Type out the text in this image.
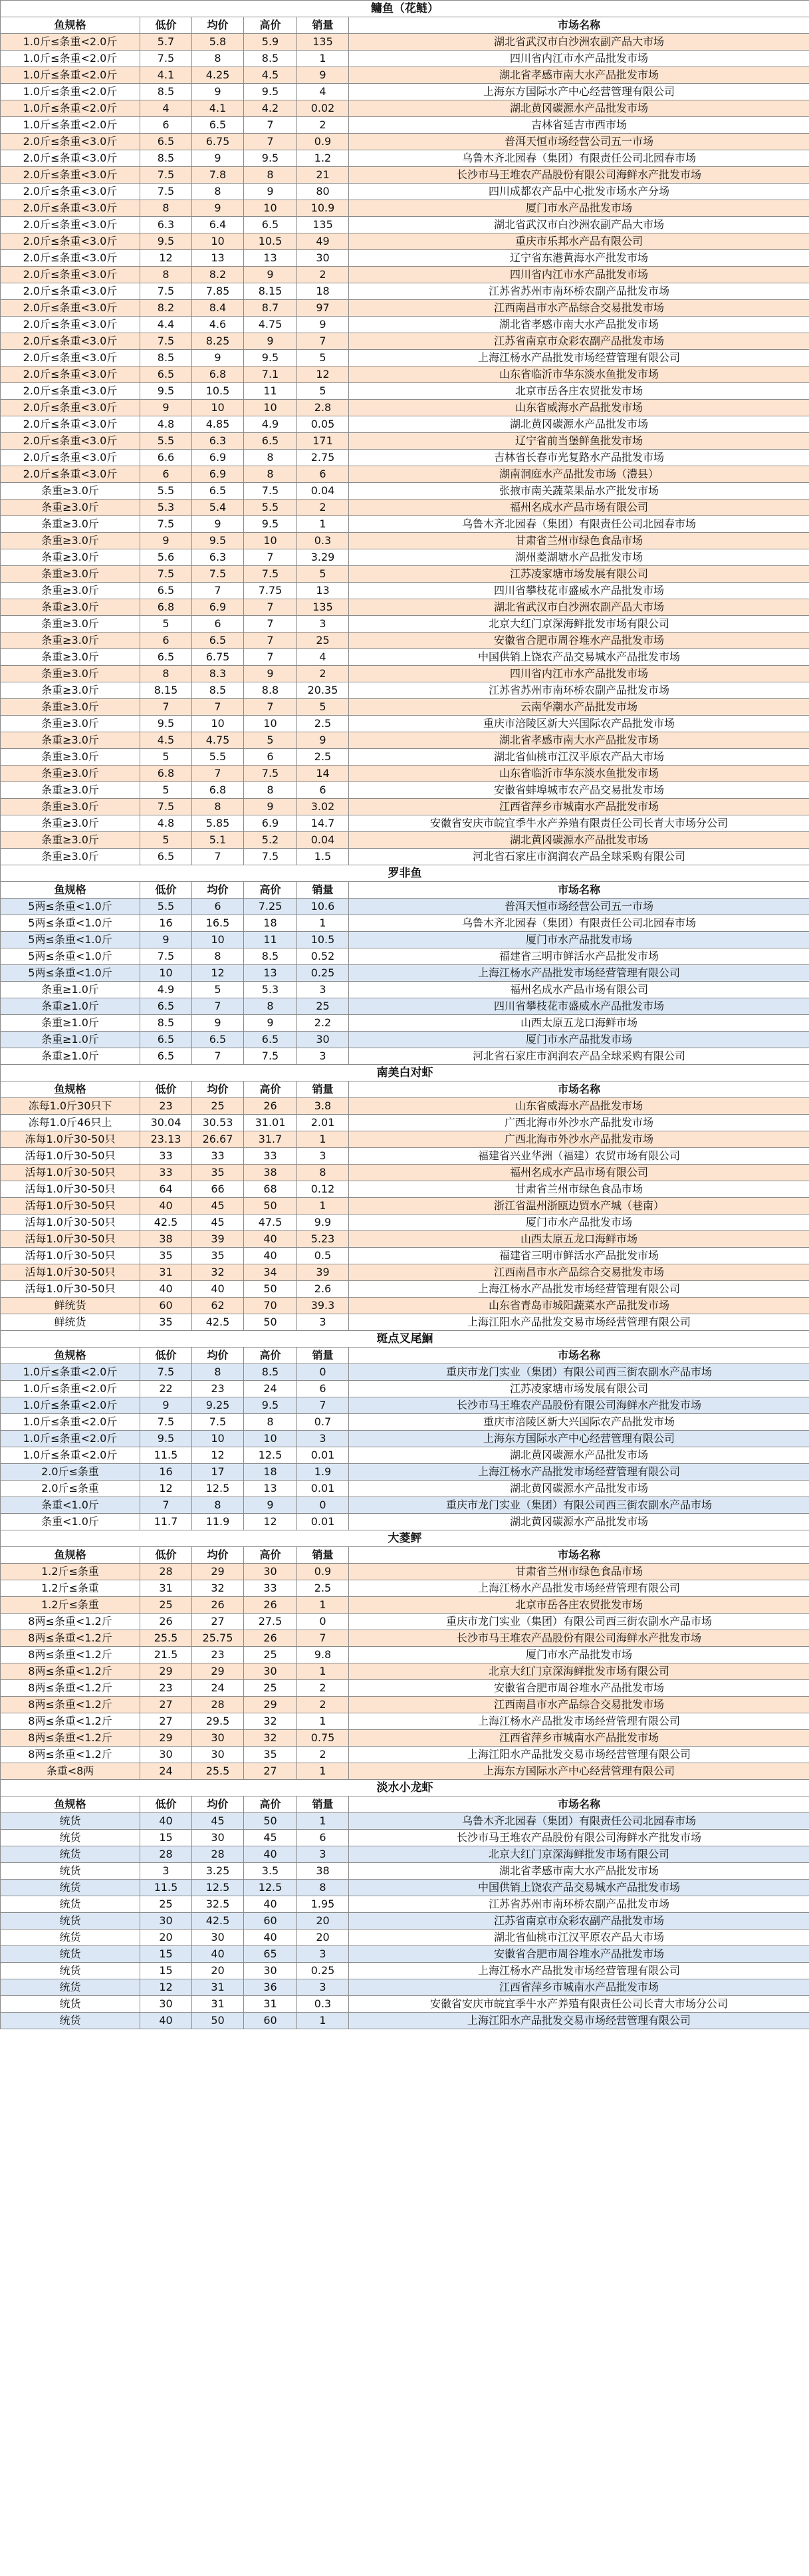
鳙鱼（花鲢）					
鱼规格	低价	均价	高价	销量	市场名称
1.0斤≤条重<2.0斤	5.7	5.8	5.9	135	湖北省武汉市白沙洲农副产品大市场
1.0斤≤条重<2.0斤	7.5	8	8.5	1	四川省内江市水产品批发市场
1.0斤≤条重<2.0斤	4.1	4.25	4.5	9	湖北省孝感市南大水产品批发市场
1.0斤≤条重<2.0斤	8.5	9	9.5	4	上海东方国际水产中心经营管理有限公司
1.0斤≤条重<2.0斤	4	4.1	4.2	0.02	湖北黄冈碳源水产品批发市场
1.0斤≤条重<2.0斤	6	6.5	7	2	吉林省延吉市西市场
2.0斤≤条重<3.0斤	6.5	6.75	7	0.9	普洱天恒市场经营公司五一市场
2.0斤≤条重<3.0斤	8.5	9	9.5	1.2	乌鲁木齐北园春（集团）有限责任公司北园春市场
2.0斤≤条重<3.0斤	7.5	7.8	8	21	长沙市马王堆农产品股份有限公司海鲜水产批发市场
2.0斤≤条重<3.0斤	7.5	8	9	80	四川成都农产品中心批发市场水产分场
2.0斤≤条重<3.0斤	8	9	10	10.9	厦门市水产品批发市场
2.0斤≤条重<3.0斤	6.3	6.4	6.5	135	湖北省武汉市白沙洲农副产品大市场
2.0斤≤条重<3.0斤	9.5	10	10.5	49	重庆市乐邦水产品有限公司
2.0斤≤条重<3.0斤	12	13	13	30	辽宁省东港黄海水产批发市场
2.0斤≤条重<3.0斤	8	8.2	9	2	四川省内江市水产品批发市场
2.0斤≤条重<3.0斤	7.5	7.85	8.15	18	江苏省苏州市南环桥农副产品批发市场
2.0斤≤条重<3.0斤	8.2	8.4	8.7	97	江西南昌市水产品综合交易批发市场
2.0斤≤条重<3.0斤	4.4	4.6	4.75	9	湖北省孝感市南大水产品批发市场
2.0斤≤条重<3.0斤	7.5	8.25	9	7	江苏省南京市众彩农副产品批发市场
2.0斤≤条重<3.0斤	8.5	9	9.5	5	上海江杨水产品批发市场经营管理有限公司
2.0斤≤条重<3.0斤	6.5	6.8	7.1	12	山东省临沂市华东淡水鱼批发市场
2.0斤≤条重<3.0斤	9.5	10.5	11	5	北京市岳各庄农贸批发市场
2.0斤≤条重<3.0斤	9	10	10	2.8	山东省威海水产品批发市场
2.0斤≤条重<3.0斤	4.8	4.85	4.9	0.05	湖北黄冈碳源水产品批发市场
2.0斤≤条重<3.0斤	5.5	6.3	6.5	171	辽宁省前当堡鲜鱼批发市场
2.0斤≤条重<3.0斤	6.6	6.9	8	2.75	吉林省长春市光复路水产品批发市场
2.0斤≤条重<3.0斤	6	6.9	8	6	湖南洞庭水产品批发市场（澧县）
条重≥3.0斤	5.5	6.5	7.5	0.04	张掖市南关蔬菜果品水产批发市场
条重≥3.0斤	5.3	5.4	5.5	2	福州名成水产品市场有限公司
条重≥3.0斤	7.5	9	9.5	1	乌鲁木齐北园春（集团）有限责任公司北园春市场
条重≥3.0斤	9	9.5	10	0.3	甘肃省兰州市绿色食品市场
条重≥3.0斤	5.6	6.3	7	3.29	湖州菱湖塘水产品批发市场
条重≥3.0斤	7.5	7.5	7.5	5	江苏凌家塘市场发展有限公司
条重≥3.0斤	6.5	7	7.75	13	四川省攀枝花市盛威水产品批发市场
条重≥3.0斤	6.8	6.9	7	135	湖北省武汉市白沙洲农副产品大市场
条重≥3.0斤	5	6	7	3	北京大红门京深海鲜批发市场有限公司
条重≥3.0斤	6	6.5	7	25	安徽省合肥市周谷堆水产品批发市场
条重≥3.0斤	6.5	6.75	7	4	中国供销上饶农产品交易城水产品批发市场
条重≥3.0斤	8	8.3	9	2	四川省内江市水产品批发市场
条重≥3.0斤	8.15	8.5	8.8	20.35	江苏省苏州市南环桥农副产品批发市场
条重≥3.0斤	7	7	7	5	云南华潮水产品批发市场
条重≥3.0斤	9.5	10	10	2.5	重庆市涪陵区新大兴国际农产品批发市场
条重≥3.0斤	4.5	4.75	5	9	湖北省孝感市南大水产品批发市场
条重≥3.0斤	5	5.5	6	2.5	湖北省仙桃市江汉平原农产品大市场
条重≥3.0斤	6.8	7	7.5	14	山东省临沂市华东淡水鱼批发市场
条重≥3.0斤	5	6.8	8	6	安徽省蚌埠城市农产品交易批发市场
条重≥3.0斤	7.5	8	9	3.02	江西省萍乡市城南水产品批发市场
条重≥3.0斤	4.8	5.85	6.9	14.7	安徽省安庆市皖宜季牛水产养殖有限责任公司长青大市场分公司
条重≥3.0斤	5	5.1	5.2	0.04	湖北黄冈碳源水产品批发市场
条重≥3.0斤	6.5	7	7.5	1.5	河北省石家庄市润润农产品全球采购有限公司
罗非鱼					
鱼规格	低价	均价	高价	销量	市场名称
5两≤条重<1.0斤	5.5	6	7.25	10.6	普洱天恒市场经营公司五一市场
5两≤条重<1.0斤	16	16.5	18	1	乌鲁木齐北园春（集团）有限责任公司北园春市场
5两≤条重<1.0斤	9	10	11	10.5	厦门市水产品批发市场
5两≤条重<1.0斤	7.5	8	8.5	0.52	福建省三明市鲜活水产品批发市场
5两≤条重<1.0斤	10	12	13	0.25	上海江杨水产品批发市场经营管理有限公司
条重≥1.0斤	4.9	5	5.3	3	福州名成水产品市场有限公司
条重≥1.0斤	6.5	7	8	25	四川省攀枝花市盛威水产品批发市场
条重≥1.0斤	8.5	9	9	2.2	山西太原五龙口海鲜市场
条重≥1.0斤	6.5	6.5	6.5	30	厦门市水产品批发市场
条重≥1.0斤	6.5	7	7.5	3	河北省石家庄市润润农产品全球采购有限公司
南美白对虾					
鱼规格	低价	均价	高价	销量	市场名称
冻每1.0斤30只下	23	25	26	3.8	山东省威海水产品批发市场
冻每1.0斤46只上	30.04	30.53	31.01	2.01	广西北海市外沙水产品批发市场
冻每1.0斤30-50只	23.13	26.67	31.7	1	广西北海市外沙水产品批发市场
活每1.0斤30-50只	33	33	33	3	福建省兴业华洲（福建）农贸市场有限公司
活每1.0斤30-50只	33	35	38	8	福州名成水产品市场有限公司
活每1.0斤30-50只	64	66	68	0.12	甘肃省兰州市绿色食品市场
活每1.0斤30-50只	40	45	50	1	浙江省温州浙瓯边贸水产城（巷南）
活每1.0斤30-50只	42.5	45	47.5	9.9	厦门市水产品批发市场
活每1.0斤30-50只	38	39	40	5.23	山西太原五龙口海鲜市场
活每1.0斤30-50只	35	35	40	0.5	福建省三明市鲜活水产品批发市场
活每1.0斤30-50只	31	32	34	39	江西南昌市水产品综合交易批发市场
活每1.0斤30-50只	40	40	50	2.6	上海江杨水产品批发市场经营管理有限公司
鲜统货	60	62	70	39.3	山东省青岛市城阳蔬菜水产品批发市场
鲜统货	35	42.5	50	3	上海江阳水产品批发交易市场经营管理有限公司
斑点叉尾鮰					
鱼规格	低价	均价	高价	销量	市场名称
1.0斤≤条重<2.0斤	7.5	8	8.5	0	重庆市龙门实业（集团）有限公司西三街农副水产品市场
1.0斤≤条重<2.0斤	22	23	24	6	江苏凌家塘市场发展有限公司
1.0斤≤条重<2.0斤	9	9.25	9.5	7	长沙市马王堆农产品股份有限公司海鲜水产批发市场
1.0斤≤条重<2.0斤	7.5	7.5	8	0.7	重庆市涪陵区新大兴国际农产品批发市场
1.0斤≤条重<2.0斤	9.5	10	10	3	上海东方国际水产中心经营管理有限公司
1.0斤≤条重<2.0斤	11.5	12	12.5	0.01	湖北黄冈碳源水产品批发市场
2.0斤≤条重	16	17	18	1.9	上海江杨水产品批发市场经营管理有限公司
2.0斤≤条重	12	12.5	13	0.01	湖北黄冈碳源水产品批发市场
条重<1.0斤	7	8	9	0	重庆市龙门实业（集团）有限公司西三街农副水产品市场
条重<1.0斤	11.7	11.9	12	0.01	湖北黄冈碳源水产品批发市场
大菱鲆					
鱼规格	低价	均价	高价	销量	市场名称
1.2斤≤条重	28	29	30	0.9	甘肃省兰州市绿色食品市场
1.2斤≤条重	31	32	33	2.5	上海江杨水产品批发市场经营管理有限公司
1.2斤≤条重	25	26	26	1	北京市岳各庄农贸批发市场
8两≤条重<1.2斤	26	27	27.5	0	重庆市龙门实业（集团）有限公司西三街农副水产品市场
8两≤条重<1.2斤	25.5	25.75	26	7	长沙市马王堆农产品股份有限公司海鲜水产批发市场
8两≤条重<1.2斤	21.5	23	25	9.8	厦门市水产品批发市场
8两≤条重<1.2斤	29	29	30	1	北京大红门京深海鲜批发市场有限公司
8两≤条重<1.2斤	23	24	25	2	安徽省合肥市周谷堆水产品批发市场
8两≤条重<1.2斤	27	28	29	2	江西南昌市水产品综合交易批发市场
8两≤条重<1.2斤	27	29.5	32	1	上海江杨水产品批发市场经营管理有限公司
8两≤条重<1.2斤	29	30	32	0.75	江西省萍乡市城南水产品批发市场
8两≤条重<1.2斤	30	30	35	2	上海江阳水产品批发交易市场经营管理有限公司
条重<8两	24	25.5	27	1	上海东方国际水产中心经营管理有限公司
淡水小龙虾					
鱼规格	低价	均价	高价	销量	市场名称
统货	40	45	50	1	乌鲁木齐北园春（集团）有限责任公司北园春市场
统货	15	30	45	6	长沙市马王堆农产品股份有限公司海鲜水产批发市场
统货	28	28	40	3	北京大红门京深海鲜批发市场有限公司
统货	3	3.25	3.5	38	湖北省孝感市南大水产品批发市场
统货	11.5	12.5	12.5	8	中国供销上饶农产品交易城水产品批发市场
统货	25	32.5	40	1.95	江苏省苏州市南环桥农副产品批发市场
统货	30	42.5	60	20	江苏省南京市众彩农副产品批发市场
统货	20	30	40	20	湖北省仙桃市江汉平原农产品大市场
统货	15	40	65	3	安徽省合肥市周谷堆水产品批发市场
统货	15	20	30	0.25	上海江杨水产品批发市场经营管理有限公司
统货	12	31	36	3	江西省萍乡市城南水产品批发市场
统货	30	31	31	0.3	安徽省安庆市皖宜季牛水产养殖有限责任公司长青大市场分公司
统货	40	50	60	1	上海江阳水产品批发交易市场经营管理有限公司
